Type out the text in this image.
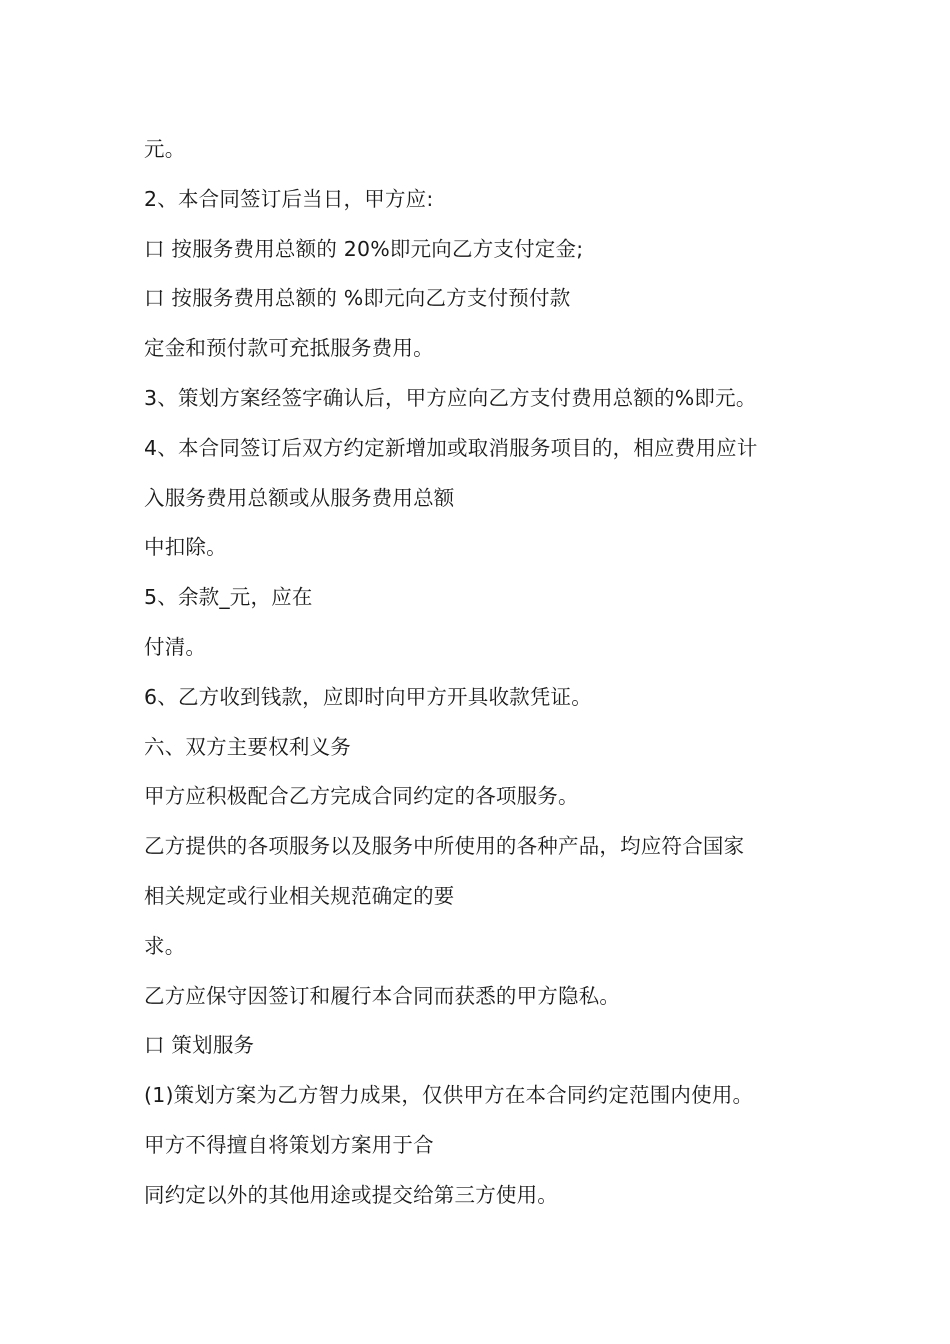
元。
2、本合同签订后当日，甲方应:
口 按服务费用总额的 20%即元向乙方支付定金;
口 按服务费用总额的 %即元向乙方支付预付款
定金和预付款可充抵服务费用。
3、策划方案经签字确认后，甲方应向乙方支付费用总额的%即元。
4、本合同签订后双方约定新增加或取消服务项目的，相应费用应计
入服务费用总额或从服务费用总额
中扣除。
5、余款_元，应在
付清。
6、乙方收到钱款，应即时向甲方开具收款凭证。
六、双方主要权利义务
甲方应积极配合乙方完成合同约定的各项服务。
乙方提供的各项服务以及服务中所使用的各种产品，均应符合国家
相关规定或行业相关规范确定的要
求。
乙方应保守因签订和履行本合同而获悉的甲方隐私。
口 策划服务
(1)策划方案为乙方智力成果，仅供甲方在本合同约定范围内使用。
甲方不得擅自将策划方案用于合
同约定以外的其他用途或提交给第三方使用。
